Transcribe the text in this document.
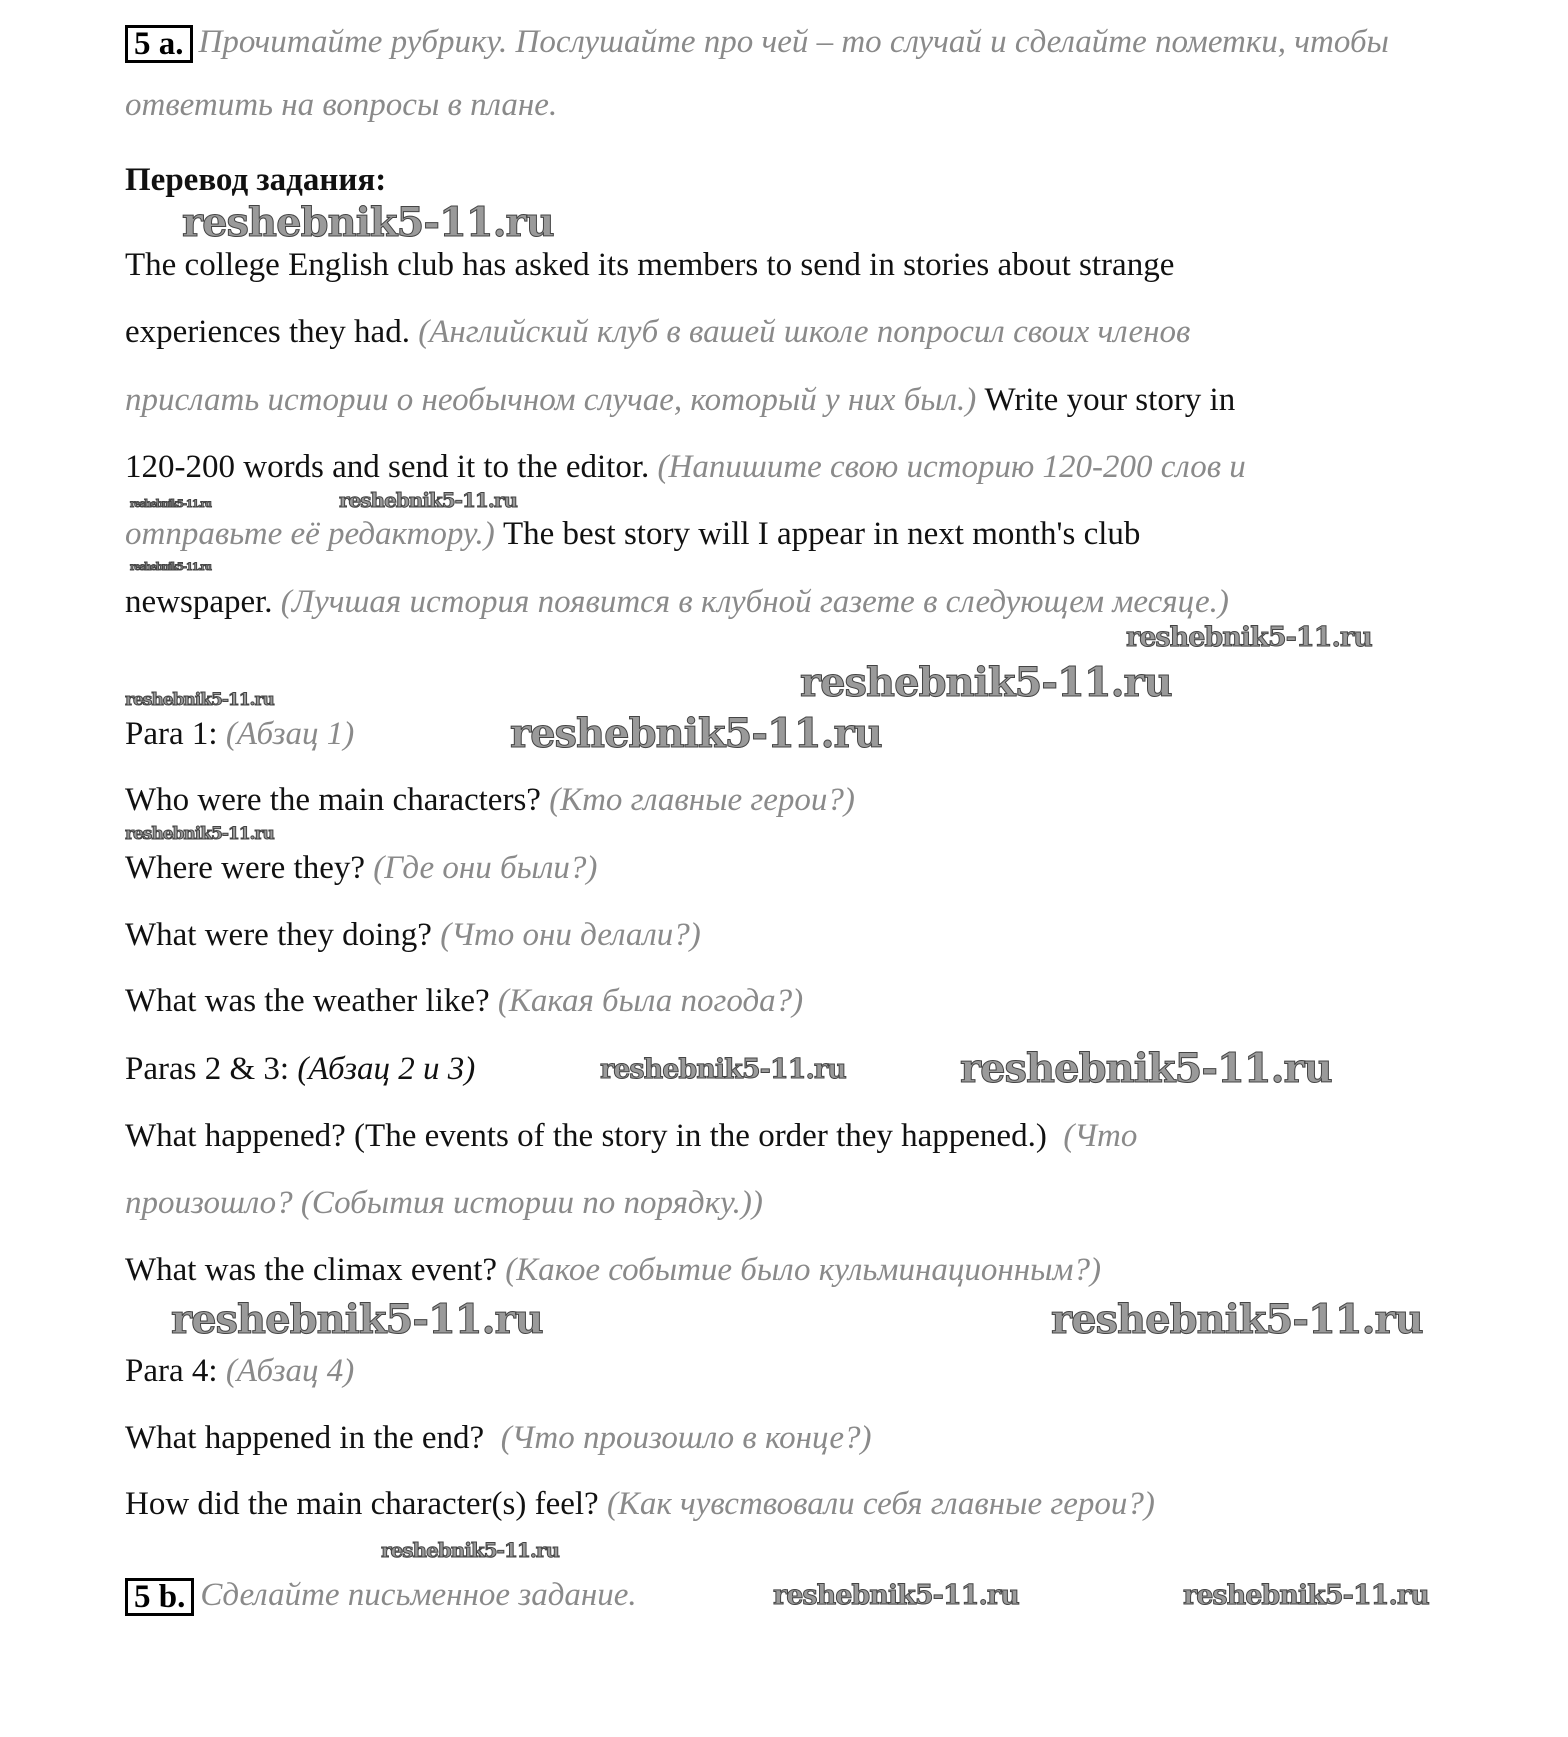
5 a. Прочитайте рубрику. Послушайте про чей – то случай и сделайте пометки, чтобы
ответить на вопросы в плане.
Перевод задания:
The college English club has asked its members to send in stories about strange
experiences they had. (Английский клуб в вашей школе попросил своих членов
прислать истории о необычном случае, который у них был.) Write your story in
120-200 words and send it to the editor. (Напишите свою историю 120-200 слов и
отправьте её редактору.) The best story will I appear in next month's club
newspaper. (Лучшая история появится в клубной газете в следующем месяце.)
Para 1: (Абзац 1)
Who were the main characters? (Кто главные герои?)
Where were they? (Где они были?)
What were they doing? (Что они делали?)
What was the weather like? (Какая была погода?)
Paras 2 & 3: (Абзац 2 и 3)
What happened? (The events of the story in the order they happened.)  (Что
произошло? (События истории по порядку.))
What was the climax event? (Какое событие было кульминационным?)
Para 4: (Абзац 4)
What happened in the end?  (Что произошло в конце?)
How did the main character(s) feel? (Как чувствовали себя главные герои?)
5 b. Сделайте письменное задание.
reshebnik5-11.ru
reshebnik5-11.ru
reshebnik5-11.ru
reshebnik5-11.ru
reshebnik5-11.ru
reshebnik5-11.ru
reshebnik5-11.ru
reshebnik5-11.ru
reshebnik5-11.ru
reshebnik5-11.ru	reshebnik5-11.ru
reshebnik5-11.ru	reshebnik5-11.ru
reshebnik5-11.ru
reshebnik5-11.ru	reshebnik5-11.ru
